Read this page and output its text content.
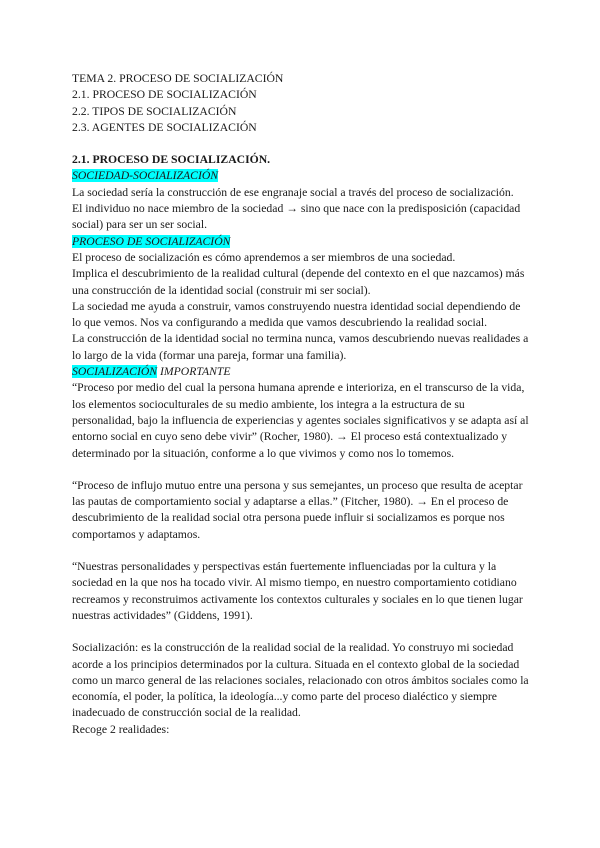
TEMA 2. PROCESO DE SOCIALIZACIÓN
2.1. PROCESO DE SOCIALIZACIÓN
2.2. TIPOS DE SOCIALIZACIÓN
2.3. AGENTES DE SOCIALIZACIÓN
2.1. PROCESO DE SOCIALIZACIÓN.
SOCIEDAD-SOCIALIZACIÓN

La sociedad sería la construcción de ese engranaje social a través del proceso de socialización.

El individuo no nace miembro de la sociedad → sino que nace con la predisposición (capacidad social) para ser un ser social.

PROCESO DE SOCIALIZACIÓN

El proceso de socialización es cómo aprendemos a ser miembros de una sociedad.

Implica el descubrimiento de la realidad cultural (depende del contexto en el que nazcamos) más una construcción de la identidad social (construir mi ser social).

La sociedad me ayuda a construir, vamos construyendo nuestra identidad social dependiendo de lo que vemos. Nos va configurando a medida que vamos descubriendo la realidad social.

La construcción de la identidad social no termina nunca, vamos descubriendo nuevas realidades a lo largo de la vida (formar una pareja, formar una familia).

SOCIALIZACIÓN IMPORTANTE

“Proceso por medio del cual la persona humana aprende e interioriza, en el transcurso de la vida, los elementos socioculturales de su medio ambiente, los integra a la estructura de su personalidad, bajo la influencia de experiencias y agentes sociales significativos y se adapta así al entorno social en cuyo seno debe vivir” (Rocher, 1980). → El proceso está contextualizado y determinado por la situación, conforme a lo que vivimos y como nos lo tomemos.

“Proceso de influjo mutuo entre una persona y sus semejantes, un proceso que resulta de aceptar las pautas de comportamiento social y adaptarse a ellas.” (Fitcher, 1980). → En el proceso de descubrimiento de la realidad social otra persona puede influir si socializamos es porque nos comportamos y adaptamos.

“Nuestras personalidades y perspectivas están fuertemente influenciadas por la cultura y la sociedad en la que nos ha tocado vivir. Al mismo tiempo, en nuestro comportamiento cotidiano recreamos y reconstruimos activamente los contextos culturales y sociales en lo que tienen lugar nuestras actividades” (Giddens, 1991).

Socialización: es la construcción de la realidad social de la realidad. Yo construyo mi sociedad acorde a los principios determinados por la cultura. Situada en el contexto global de la sociedad como un marco general de las relaciones sociales, relacionado con otros ámbitos sociales como la economía, el poder, la política, la ideología...y como parte del proceso dialéctico y siempre inadecuado de construcción social de la realidad.

Recoge 2 realidades:
